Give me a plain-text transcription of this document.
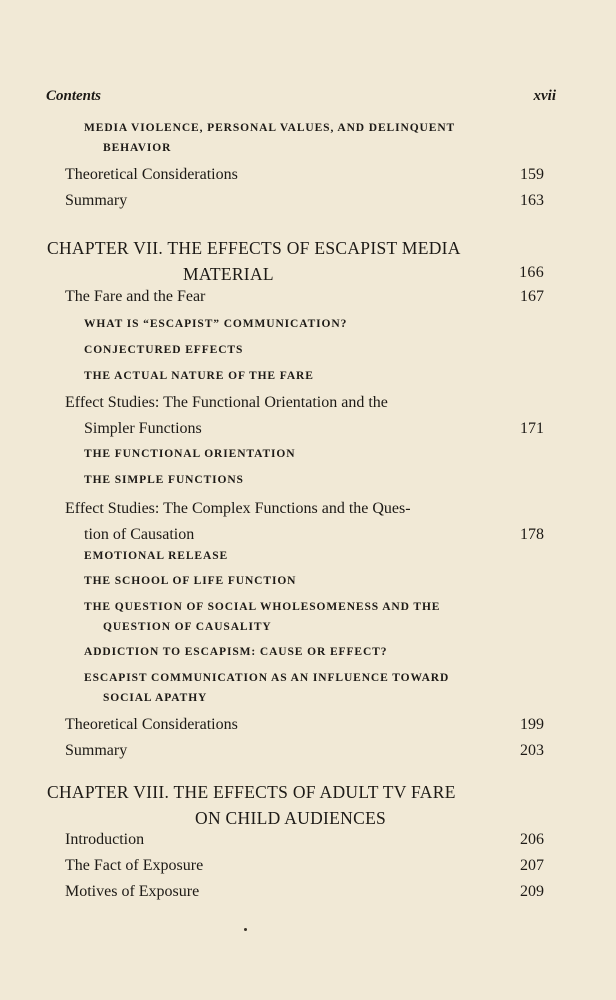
Contents	xvii
MEDIA VIOLENCE, PERSONAL VALUES, AND DELINQUENT
BEHAVIOR
Theoretical Considerations	159
Summary	163
CHAPTER VII. THE EFFECTS OF ESCAPIST MEDIA
MATERIAL	166
The Fare and the Fear	167
WHAT IS “ESCAPIST” COMMUNICATION?
CONJECTURED EFFECTS
THE ACTUAL NATURE OF THE FARE
Effect Studies: The Functional Orientation and the
Simpler Functions	171
THE FUNCTIONAL ORIENTATION
THE SIMPLE FUNCTIONS
Effect Studies: The Complex Functions and the Ques-
tion of Causation	178
EMOTIONAL RELEASE
THE SCHOOL OF LIFE FUNCTION
THE QUESTION OF SOCIAL WHOLESOMENESS AND THE
QUESTION OF CAUSALITY
ADDICTION TO ESCAPISM: CAUSE OR EFFECT?
ESCAPIST COMMUNICATION AS AN INFLUENCE TOWARD
SOCIAL APATHY
Theoretical Considerations	199
Summary	203
CHAPTER VIII. THE EFFECTS OF ADULT TV FARE
ON CHILD AUDIENCES
Introduction	206
The Fact of Exposure	207
Motives of Exposure	209
